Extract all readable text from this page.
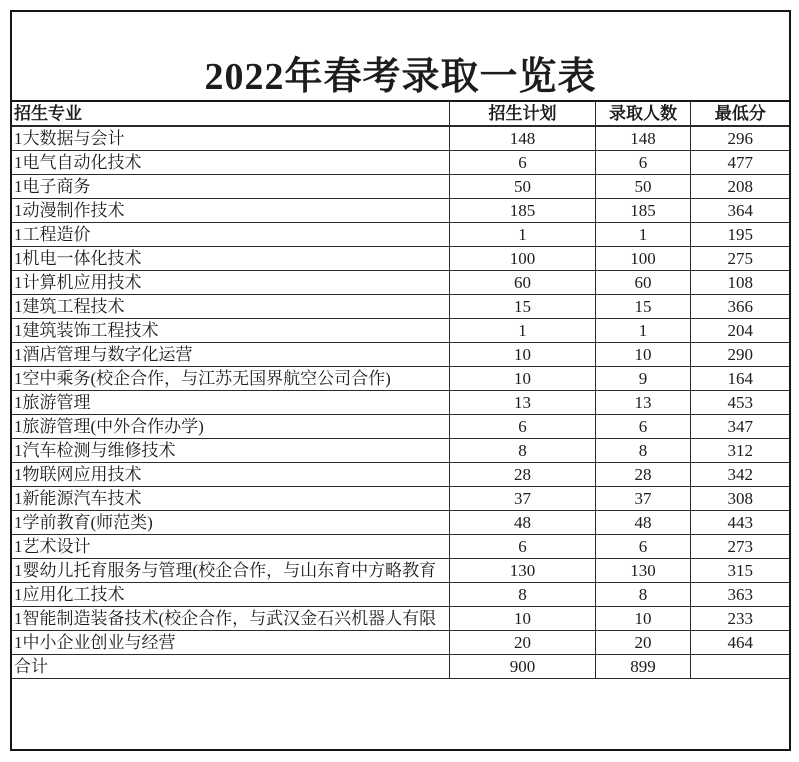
2022年春考录取一览表
招生专业	招生计划	录取人数	最低分
1大数据与会计	148	148	296
1电气自动化技术	6	6	477
1电子商务	50	50	208
1动漫制作技术	185	185	364
1工程造价	1	1	195
1机电一体化技术	100	100	275
1计算机应用技术	60	60	108
1建筑工程技术	15	15	366
1建筑装饰工程技术	1	1	204
1酒店管理与数字化运营	10	10	290
1空中乘务(校企合作，与江苏无国界航空公司合作)	10	9	164
1旅游管理	13	13	453
1旅游管理(中外合作办学)	6	6	347
1汽车检测与维修技术	8	8	312
1物联网应用技术	28	28	342
1新能源汽车技术	37	37	308
1学前教育(师范类)	48	48	443
1艺术设计	6	6	273
1婴幼儿托育服务与管理(校企合作，与山东育中方略教育	130	130	315
1应用化工技术	8	8	363
1智能制造装备技术(校企合作，与武汉金石兴机器人有限	10	10	233
1中小企业创业与经营	20	20	464
合计	900	899	
